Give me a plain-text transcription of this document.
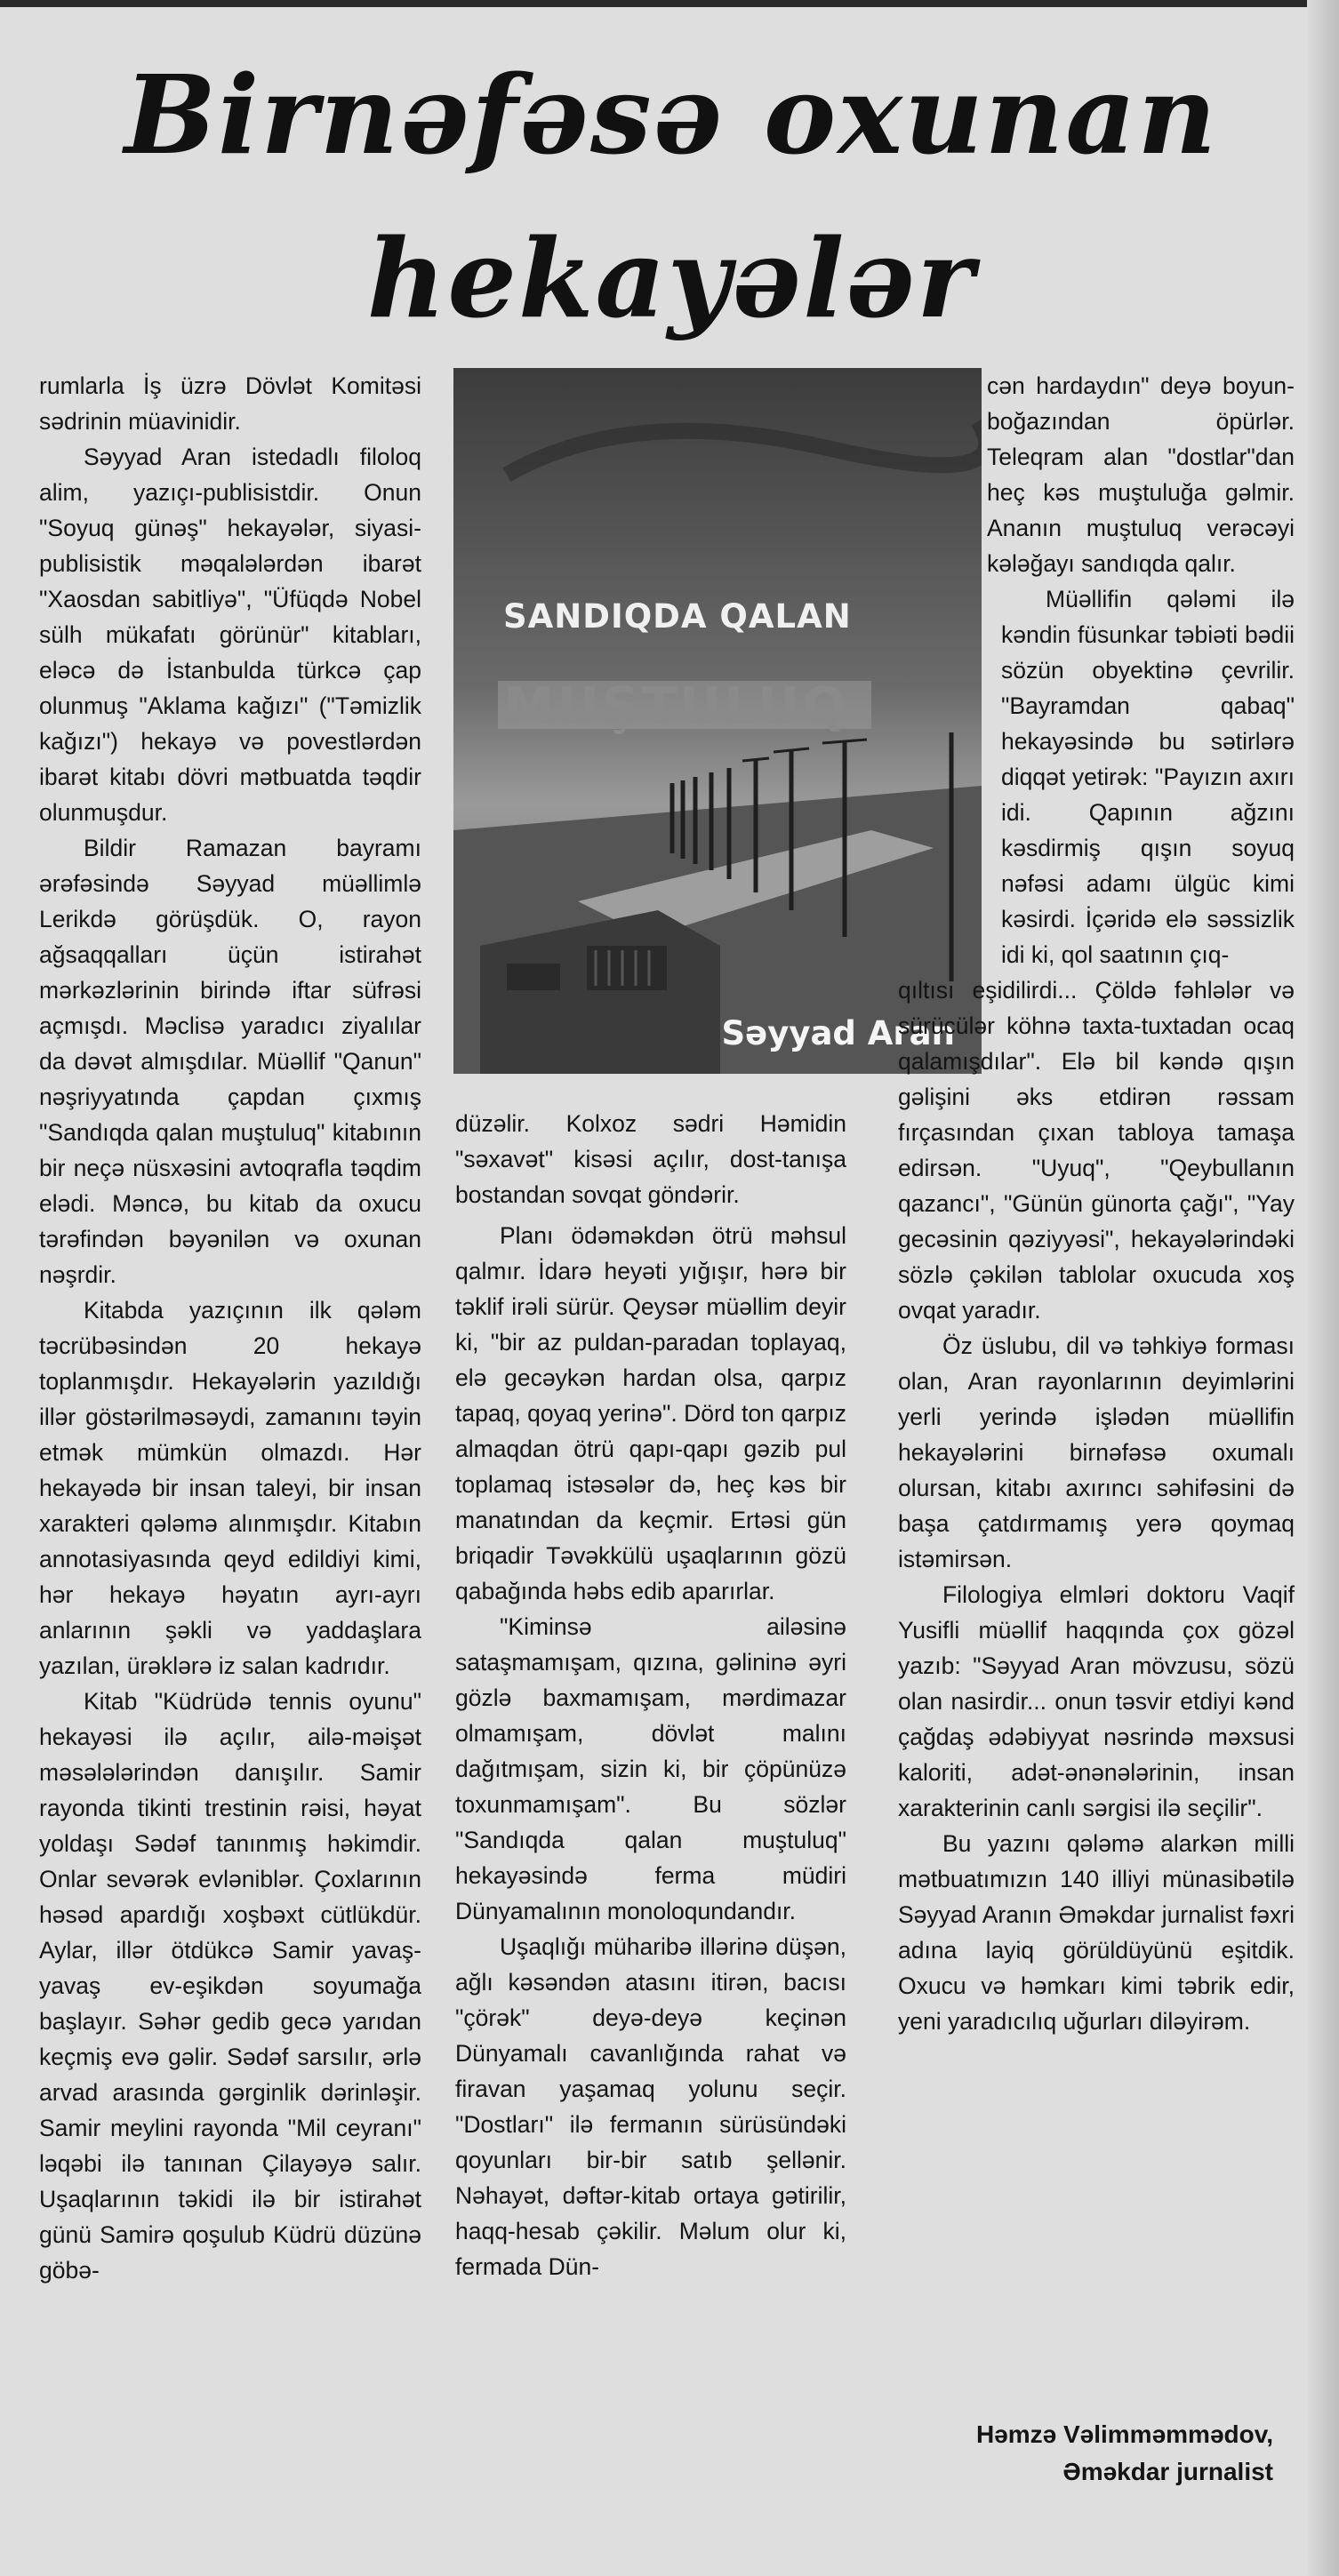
Birnəfəsə oxunan
hekayələr

rumlarla İş üzrə Dövlət Komitəsi sədrinin müavinidir.

Səyyad Aran istedadlı filoloq alim, yazıçı-publisistdir. Onun "Soyuq günəş" hekayələr, siyasi-publisistik məqalələrdən ibarət "Xaosdan sabitliyə", "Üfüqdə Nobel sülh mükafatı görünür" kitabları, eləcə də İstanbulda türkcə çap olunmuş "Aklama kağızı" ("Təmizlik kağızı") hekayə və povestlərdən ibarət kitabı dövri mətbuatda təqdir olunmuşdur.

Bildir Ramazan bayramı ərəfəsində Səyyad müəllimlə Lerikdə görüşdük. O, rayon ağsaqqalları üçün istirahət mərkəzlərinin birində iftar süfrəsi açmışdı. Məclisə yaradıcı ziyalılar da dəvət almışdılar. Müəllif "Qanun" nəşriyyatında çapdan çıxmış "Sandıqda qalan muştuluq" kitabının bir neçə nüsxəsini avtoqrafla təqdim elədi. Məncə, bu kitab da oxucu tərəfindən bəyənilən və oxunan nəşrdir.

Kitabda yazıçının ilk qələm təcrübəsindən 20 hekayə toplanmışdır. Hekayələrin yazıldığı illər göstərilməsəydi, zamanını təyin etmək mümkün olmazdı. Hər hekayədə bir insan taleyi, bir insan xarakteri qələmə alınmışdır. Kitabın annotasiyasında qeyd edildiyi kimi, hər hekayə həyatın ayrı-ayrı anlarının şəkli və yaddaşlara yazılan, ürəklərə iz salan kadrıdır.

Kitab "Küdrüdə tennis oyunu" hekayəsi ilə açılır, ailə-məişət məsələlərindən danışılır. Samir rayonda tikinti trestinin rəisi, həyat yoldaşı Sədəf tanınmış həkimdir. Onlar sevərək evləniblər. Çoxlarının həsəd apardığı xoşbəxt cütlükdür. Aylar, illər ötdükcə Samir yavaş-yavaş ev-eşikdən soyumağa başlayır. Səhər gedib gecə yarıdan keçmiş evə gəlir. Sədəf sarsılır, ərlə arvad arasında gərginlik dərinləşir. Samir meylini rayonda "Mil ceyranı" ləqəbi ilə tanınan Çilayəyə salır. Uşaqlarının təkidi ilə bir istirahət günü Samirə qoşulub Küdrü düzünə göbə-

MUŞTULUQ
SANDIQDA QALAN
Səyyad Aran

düzəlir. Kolxoz sədri Həmidin "səxavət" kisəsi açılır, dost-tanışa bostandan sovqat göndərir.

Planı ödəməkdən ötrü məhsul qalmır. İdarə heyəti yığışır, hərə bir təklif irəli sürür. Qeysər müəllim deyir ki, "bir az puldan-paradan toplayaq, elə gecəykən hardan olsa, qarpız tapaq, qoyaq yerinə". Dörd ton qarpız almaqdan ötrü qapı-qapı gəzib pul toplamaq istəsələr də, heç kəs bir manatından da keçmir. Ertəsi gün briqadir Təvəkkülü uşaqlarının gözü qabağında həbs edib aparırlar.

"Kiminsə ailəsinə sataşmamışam, qızına, gəlininə əyri gözlə baxmamışam, mərdimazar olmamışam, dövlət malını dağıtmışam, sizin ki, bir çöpünüzə toxunmamışam". Bu sözlər "Sandıqda qalan muştuluq" hekayəsində ferma müdiri Dünyamalının monoloqundandır.

Uşaqlığı müharibə illərinə düşən, ağlı kəsəndən atasını itirən, bacısı "çörək" deyə-deyə keçinən Dünyamalı cavanlığında rahat və firavan yaşamaq yolunu seçir. "Dostları" ilə fermanın sürüsündəki qoyunları bir-bir satıb şellənir. Nəhayət, dəftər-kitab ortaya gətirilir, haqq-hesab çəkilir. Məlum olur ki, fermada Dün-

cən hardaydın" deyə boyun-boğazından öpürlər. Teleqram alan "dostlar"dan heç kəs muştuluğa gəlmir. Ananın muştuluq verəcəyi kələğayı sandıqda qalır.

Müəllifin qələmi ilə kəndin füsunkar təbiəti bədii sözün obyektinə çevrilir. "Bayramdan qabaq" hekayəsində bu sətirlərə diqqət yetirək: "Payızın axırı idi. Qapının ağzını kəsdirmiş qışın soyuq nəfəsi adamı ülgüc kimi kəsirdi. İçəridə elə səssizlik idi ki, qol saatının çıq-

qıltısı eşidilirdi... Çöldə fəhlələr və sürücülər köhnə taxta-tuxtadan ocaq qalamışdılar". Elə bil kəndə qışın gəlişini əks etdirən rəssam fırçasından çıxan tabloya tamaşa edirsən. "Uyuq", "Qeybullanın qazancı", "Günün günorta çağı", "Yay gecəsinin qəziyyəsi", hekayələrindəki sözlə çəkilən tablolar oxucuda xoş ovqat yaradır.

Öz üslubu, dil və təhkiyə forması olan, Aran rayonlarının deyimlərini yerli yerində işlədən müəllifin hekayələrini birnəfəsə oxumalı olursan, kitabı axırıncı səhifəsini də başa çatdırmamış yerə qoymaq istəmirsən.

Filologiya elmləri doktoru Vaqif Yusifli müəllif haqqında çox gözəl yazıb: "Səyyad Aran mövzusu, sözü olan nasirdir... onun təsvir etdiyi kənd çağdaş ədəbiyyat nəsrində məxsusi kaloriti, adət-ənənələrinin, insan xarakterinin canlı sərgisi ilə seçilir".

Bu yazını qələmə alarkən milli mətbuatımızın 140 illiyi münasibətilə Səyyad Aranın Əməkdar jurnalist fəxri adına layiq görüldüyünü eşitdik. Oxucu və həmkarı kimi təbrik edir, yeni yaradıcılıq uğurları diləyirəm.

Həmzə Vəlimməmmədov,
Əməkdar jurnalist
